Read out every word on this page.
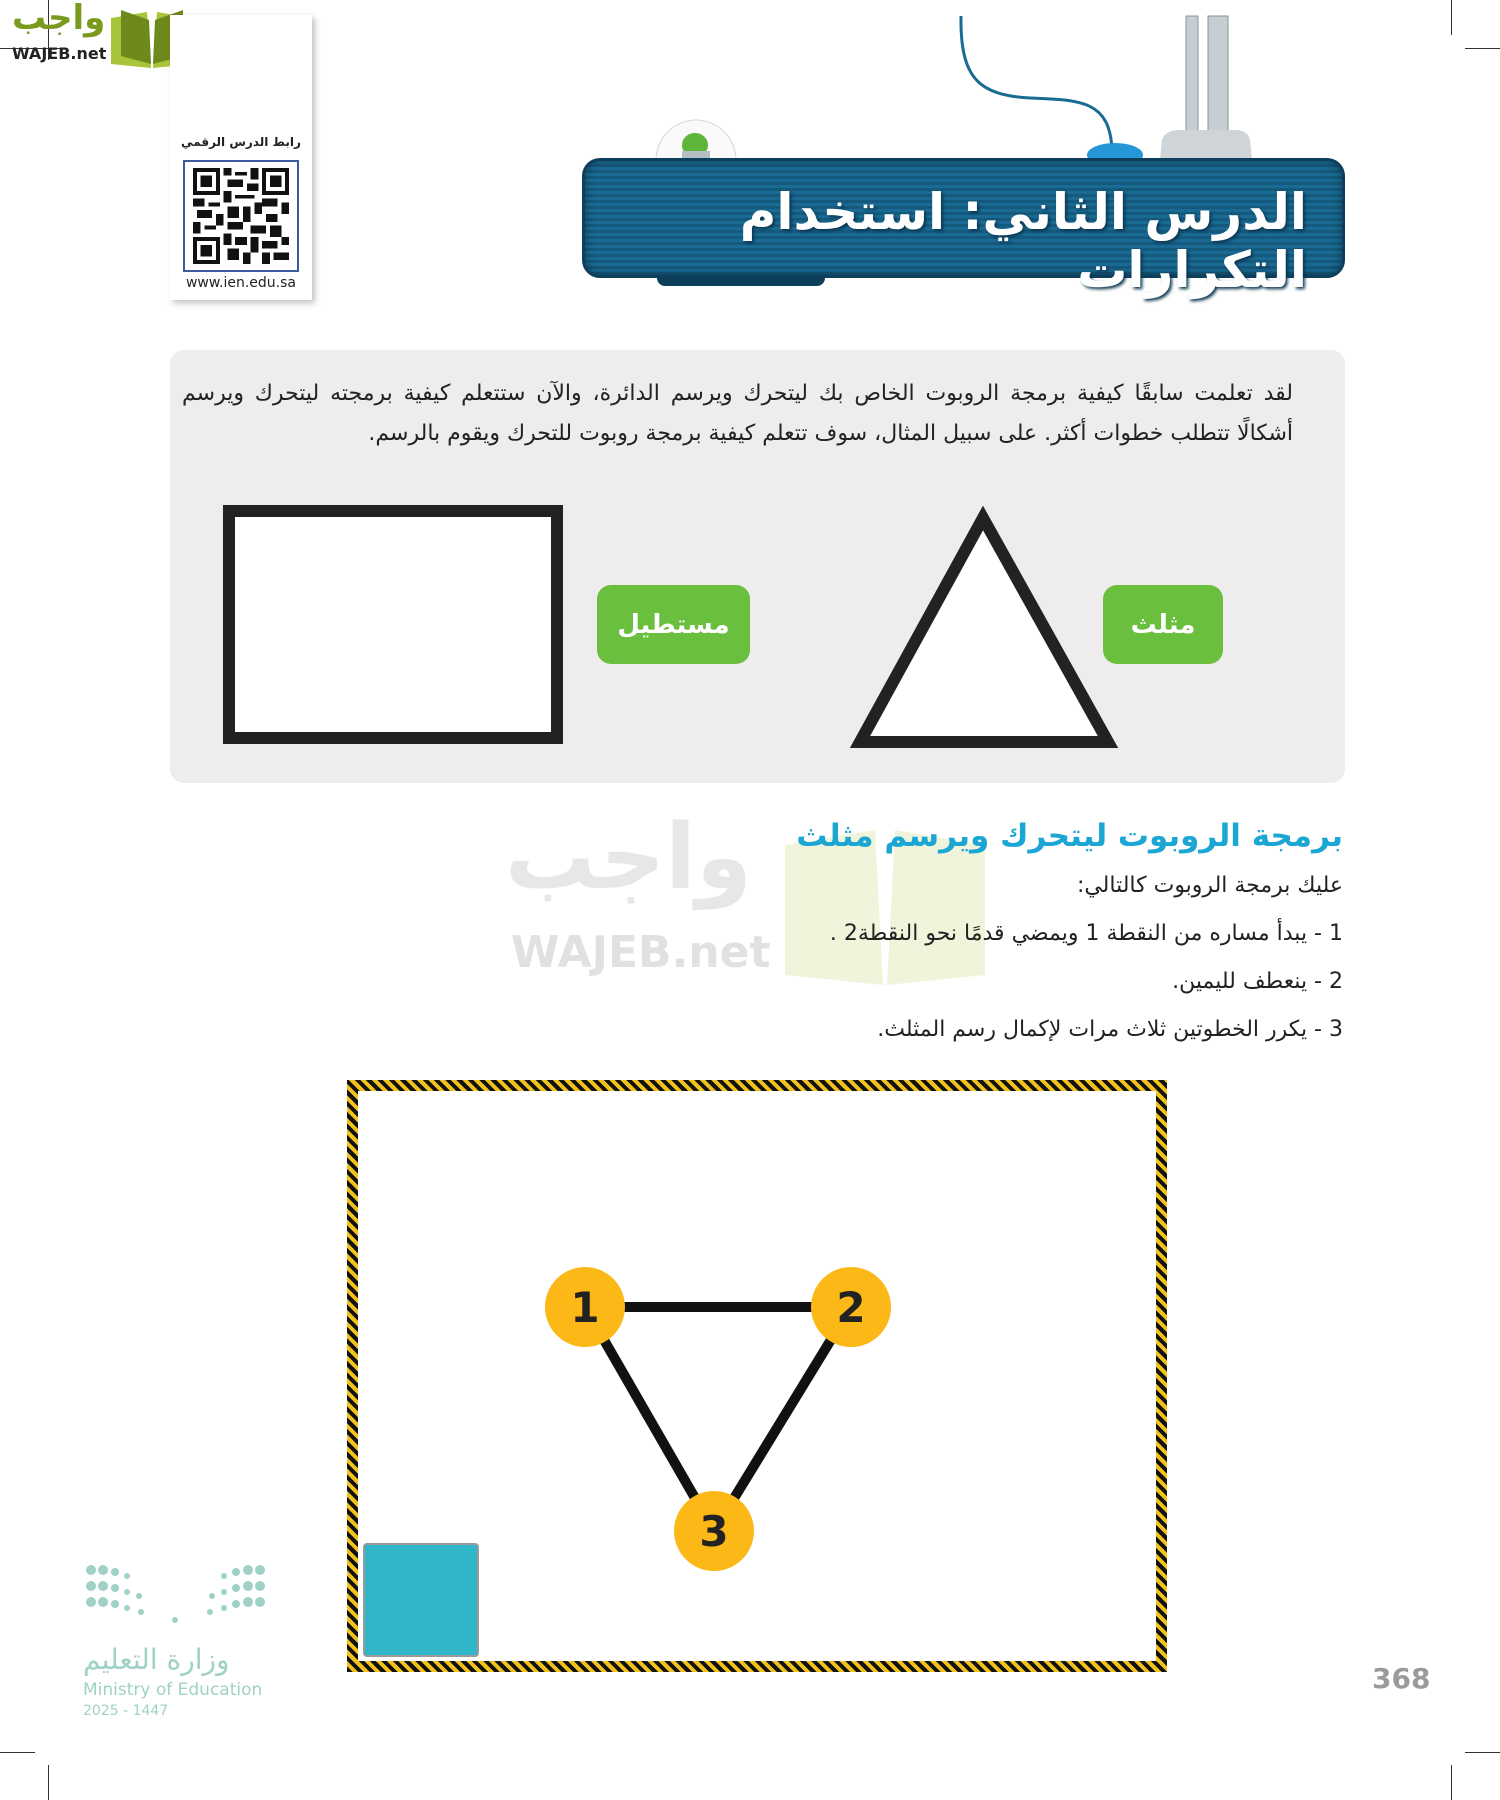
واجب
WAJEB.net
رابط الدرس الرقمي
www.ien.edu.sa
الدرس الثاني: استخدام التكرارات
لقد تعلمت سابقًا كيفية برمجة الروبوت الخاص بك ليتحرك ويرسم الدائرة، والآن ستتعلم كيفية برمجته ليتحرك ويرسم أشكالًا تتطلب خطوات أكثر. على سبيل المثال، سوف تتعلم كيفية برمجة روبوت للتحرك ويقوم بالرسم.
مستطيل	مثلث
واجب
WAJEB.net
برمجة الروبوت ليتحرك ويرسم مثلث
عليك برمجة الروبوت كالتالي:
1 - يبدأ مساره من النقطة 1 ويمضي قدمًا نحو النقطة2 .
2 - ينعطف لليمين.
3 - يكرر الخطوتين ثلاث مرات لإكمال رسم المثلث.
1	2
3
وزارة التعليم
Ministry of Education
2025 - 1447
368
